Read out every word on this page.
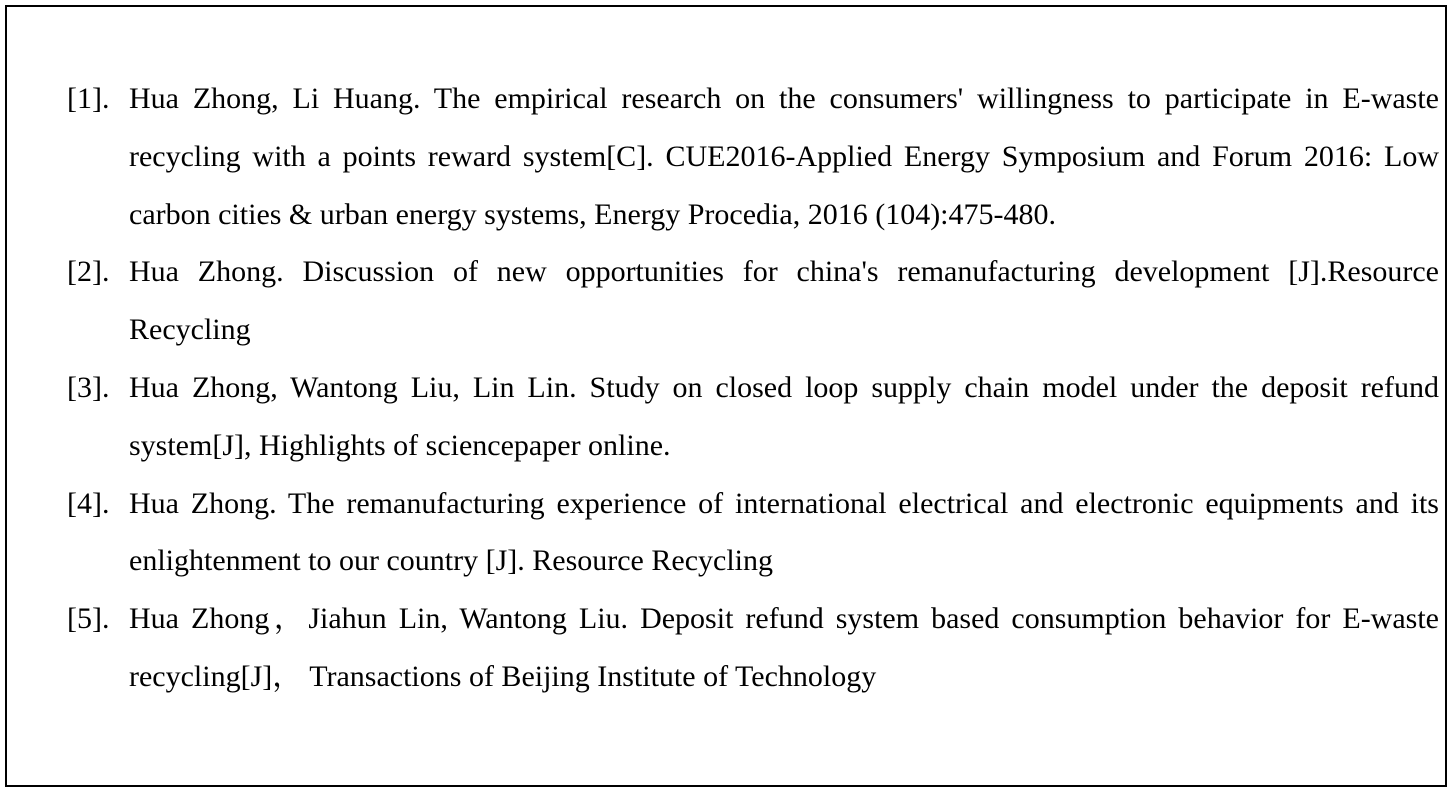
[1]. Hua Zhong, Li Huang. The empirical research on the consumers' willingness to participate in E-waste recycling with a points reward system[C]. CUE2016-Applied Energy Symposium and Forum 2016: Low carbon cities & urban energy systems, Energy Procedia, 2016 (104):475-480.
[2]. Hua Zhong. Discussion of new opportunities for china's remanufacturing development [J].Resource Recycling
[3]. Hua Zhong, Wantong Liu, Lin Lin. Study on closed loop supply chain model under the deposit refund system[J], Highlights of sciencepaper online.
[4]. Hua Zhong. The remanufacturing experience of international electrical and electronic equipments and its enlightenment to our country [J]. Resource Recycling
[5]. Hua Zhong，Jiahun Lin, Wantong Liu. Deposit refund system based consumption behavior for E-waste recycling[J]， Transactions of Beijing Institute of Technology
